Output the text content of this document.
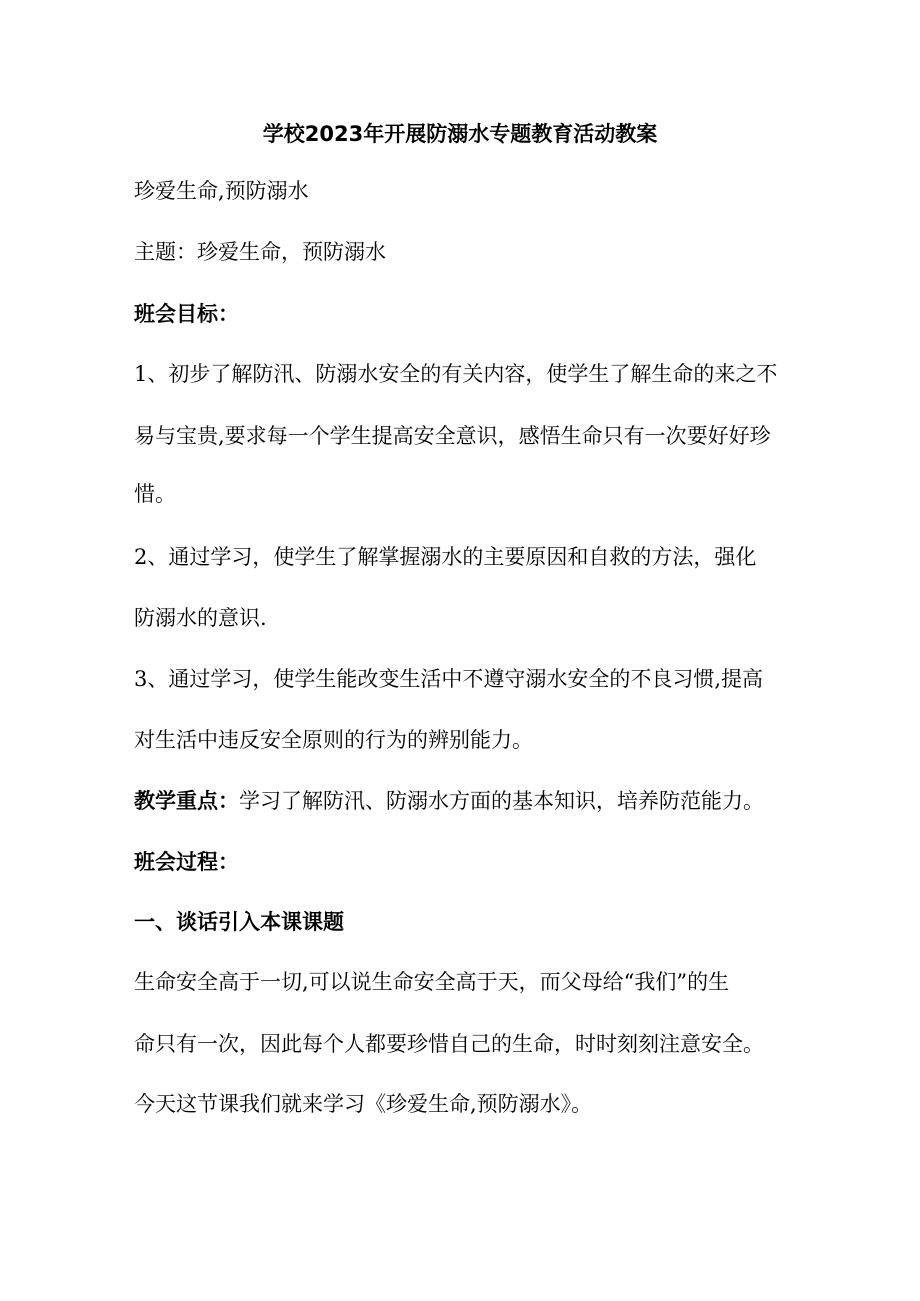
学校2023年开展防溺水专题教育活动教案
珍爱生命,预防溺水
主题：珍爱生命，预防溺水
班会目标：
1、初步了解防汛、防溺水安全的有关内容，使学生了解生命的来之不
易与宝贵,要求每一个学生提高安全意识，感悟生命只有一次要好好珍
惜。
2、通过学习，使学生了解掌握溺水的主要原因和自救的方法，强化
防溺水的意识.
3、通过学习，使学生能改变生活中不遵守溺水安全的不良习惯,提高
对生活中违反安全原则的行为的辨别能力。
教学重点：学习了解防汛、防溺水方面的基本知识，培养防范能力。
班会过程：
一、谈话引入本课课题
生命安全高于一切,可以说生命安全高于天，而父母给“我们”的生
命只有一次，因此每个人都要珍惜自己的生命，时时刻刻注意安全。
今天这节课我们就来学习《珍爱生命,预防溺水》。
